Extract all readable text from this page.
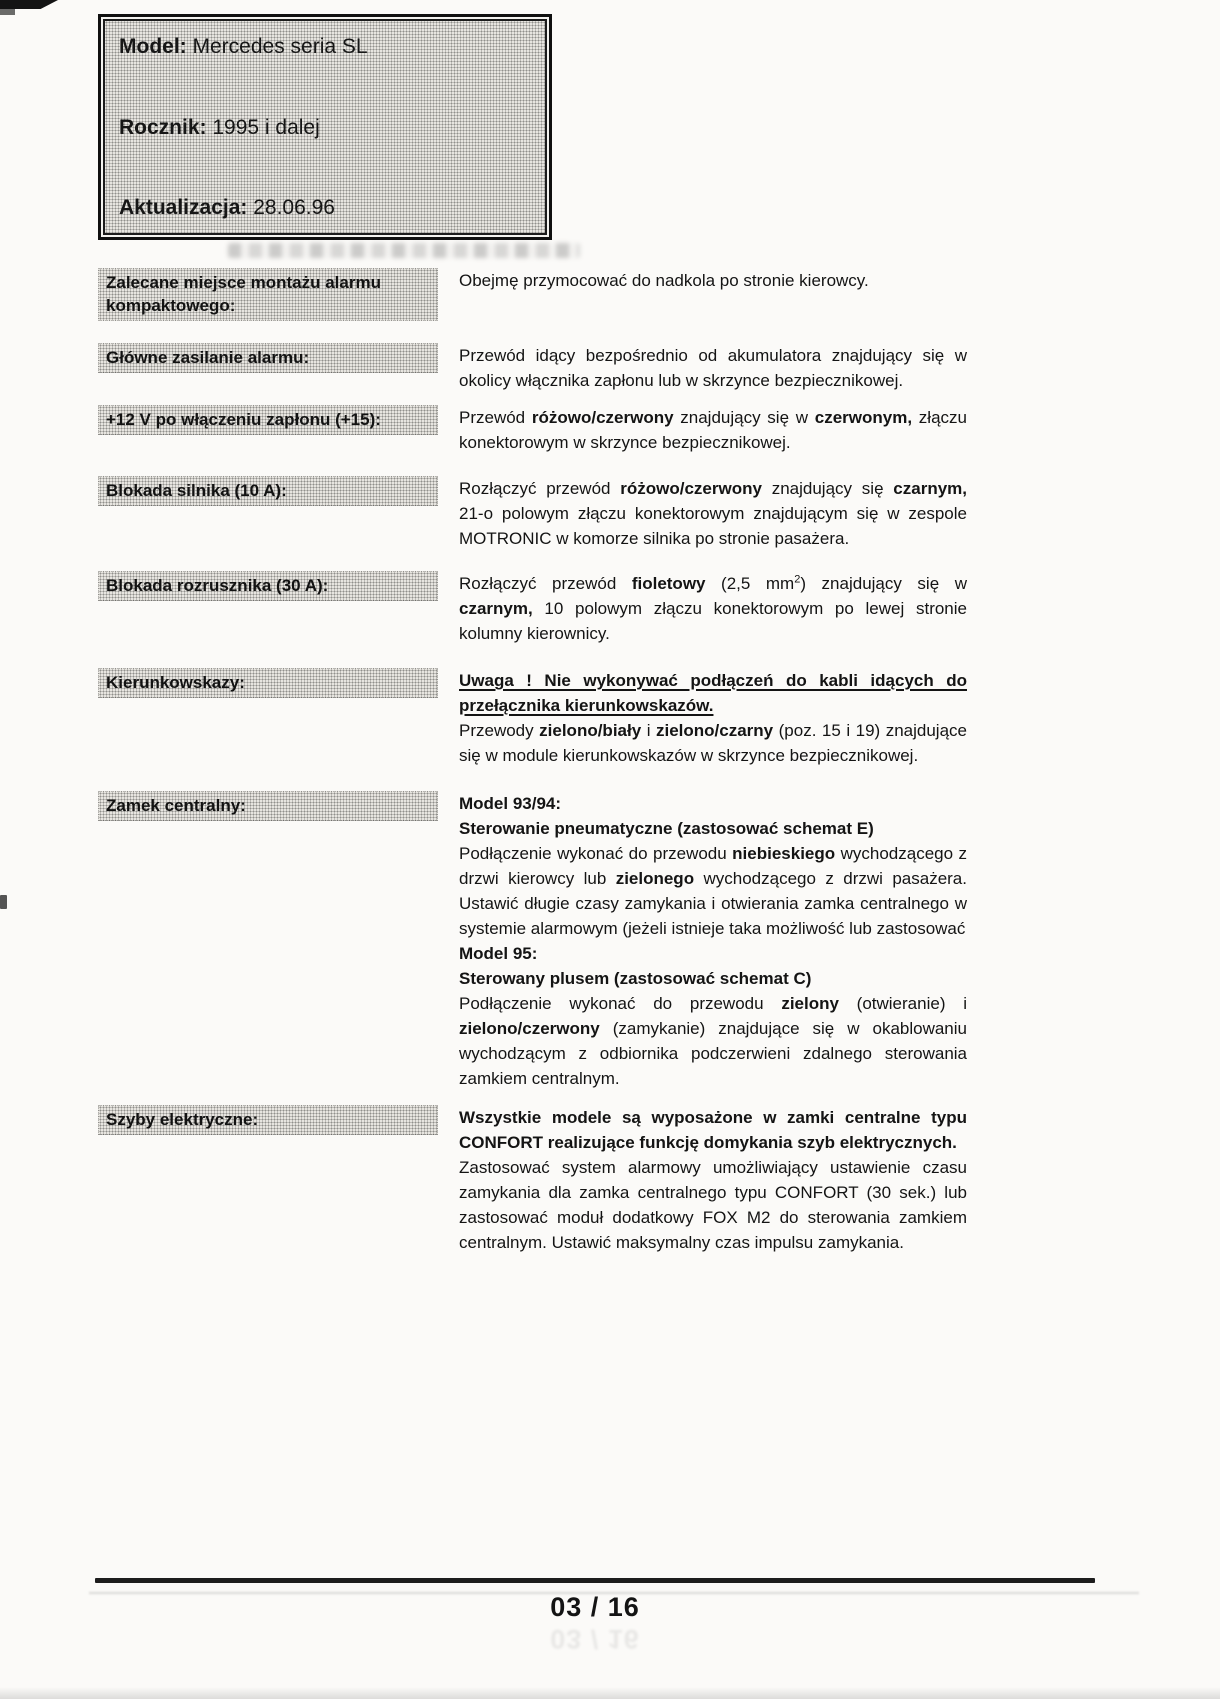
Model: Mercedes seria SL
Rocznik: 1995 i dalej
Aktualizacja: 28.06.96
Zalecane miejsce montażu alarmu kompaktowego:
Obejmę przymocować do nadkola po stronie kierowcy.
Główne zasilanie alarmu:	Przewód idący bezpośrednio od akumulatora znajdujący się w okolicy włącznika zapłonu lub w skrzynce bezpiecznikowej.
+12 V po włączeniu zapłonu (+15):	Przewód różowo/czerwony znajdujący się w czerwonym, złączu konektorowym w skrzynce bezpiecznikowej.
Blokada silnika (10 A):	Rozłączyć przewód różowo/czerwony znajdujący się czarnym, 21-o polowym złączu konektorowym znajdującym się w zespole MOTRONIC w komorze silnika po stronie pasażera.
Blokada rozrusznika (30 A):	Rozłączyć przewód fioletowy (2,5 $mm^2$) znajdujący się w czarnym, 10 polowym złączu konektorowym po lewej stronie kolumny kierownicy.
Kierunkowskazy:	Uwaga ! Nie wykonywać podłączeń do kabli idących do przełącznika kierunkowskazów.
Przewody zielono/biały i zielono/czarny (poz. 15 i 19) znajdujące się w module kierunkowskazów w skrzynce bezpiecznikowej.
Zamek centralny:	Model 93/94:
Sterowanie pneumatyczne (zastosować schemat E)
Podłączenie wykonać do przewodu niebieskiego wychodzącego z drzwi kierowcy lub zielonego wychodzącego z drzwi pasażera. Ustawić długie czasy zamykania i otwierania zamka centralnego w systemie alarmowym (jeżeli istnieje taka możliwość lub zastosować
Model 95:
Sterowany plusem (zastosować schemat C)
Podłączenie wykonać do przewodu zielony (otwieranie) i zielono/czerwony (zamykanie) znajdujące się w okablowaniu wychodzącym z odbiornika podczerwieni zdalnego sterowania zamkiem centralnym.
Szyby elektryczne:	Wszystkie modele są wyposażone w zamki centralne typu CONFORT realizujące funkcję domykania szyb elektrycznych.
Zastosować system alarmowy umożliwiający ustawienie czasu zamykania dla zamka centralnego typu CONFORT (30 sek.) lub zastosować moduł dodatkowy FOX M2 do sterowania zamkiem centralnym. Ustawić maksymalny czas impulsu zamykania.
03 / 16
03 / 16
